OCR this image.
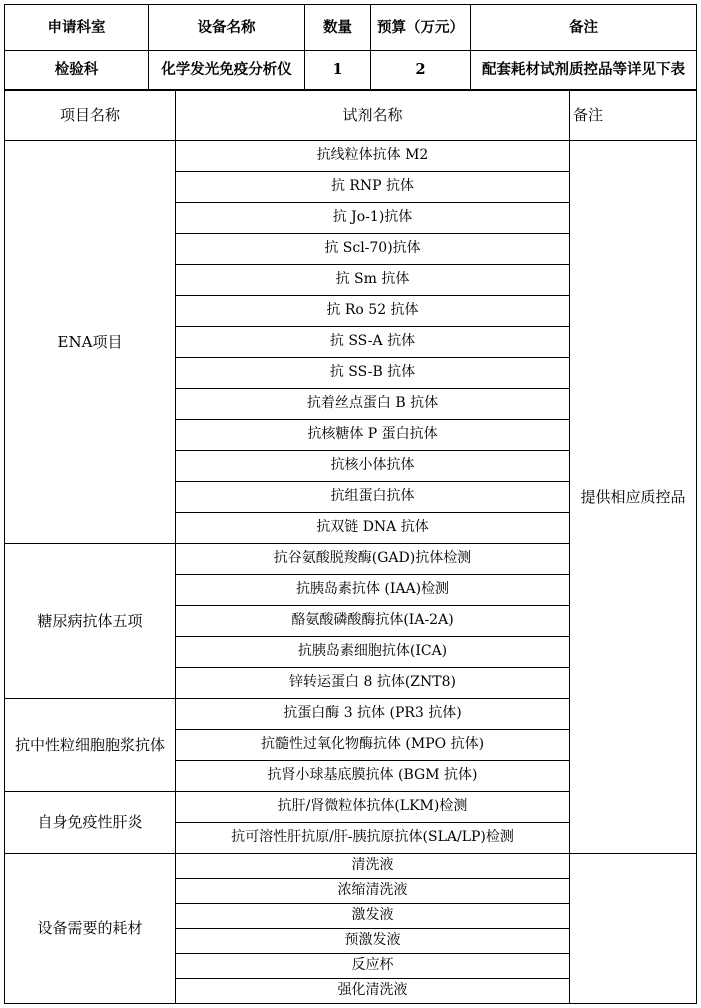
申请科室	设备名称	数量	预算（万元）	备注
检验科	化学发光免疫分析仪	1	2	配套耗材试剂质控品等详见下表
项目名称	试剂名称	备注
ENA项目	抗线粒体抗体 M2	提供相应质控品
	抗 RNP 抗体	
	抗 Jo-1)抗体	
	抗 Scl-70)抗体	
	抗 Sm 抗体	
	抗 Ro 52 抗体	
	抗 SS-A 抗体	
	抗 SS-B 抗体	
	抗着丝点蛋白 B 抗体	
	抗核糖体 P 蛋白抗体	
	抗核小体抗体	
	抗组蛋白抗体	
	抗双链 DNA 抗体	
糖尿病抗体五项	抗谷氨酸脱羧酶(GAD)抗体检测	
	抗胰岛素抗体 (IAA)检测	
	酪氨酸磷酸酶抗体(IA-2A)	
	抗胰岛素细胞抗体(ICA)	
	锌转运蛋白 8 抗体(ZNT8)	
抗中性粒细胞胞浆抗体	抗蛋白酶 3 抗体 (PR3 抗体)	
	抗髓性过氧化物酶抗体 (MPO 抗体)	
	抗肾小球基底膜抗体 (BGM 抗体)	
自身免疫性肝炎	抗肝/肾微粒体抗体(LKM)检测	
	抗可溶性肝抗原/肝-胰抗原抗体(SLA/LP)检测	
设备需要的耗材	清洗液	
	浓缩清洗液	
	激发液	
	预激发液	
	反应杯	
	强化清洗液	
